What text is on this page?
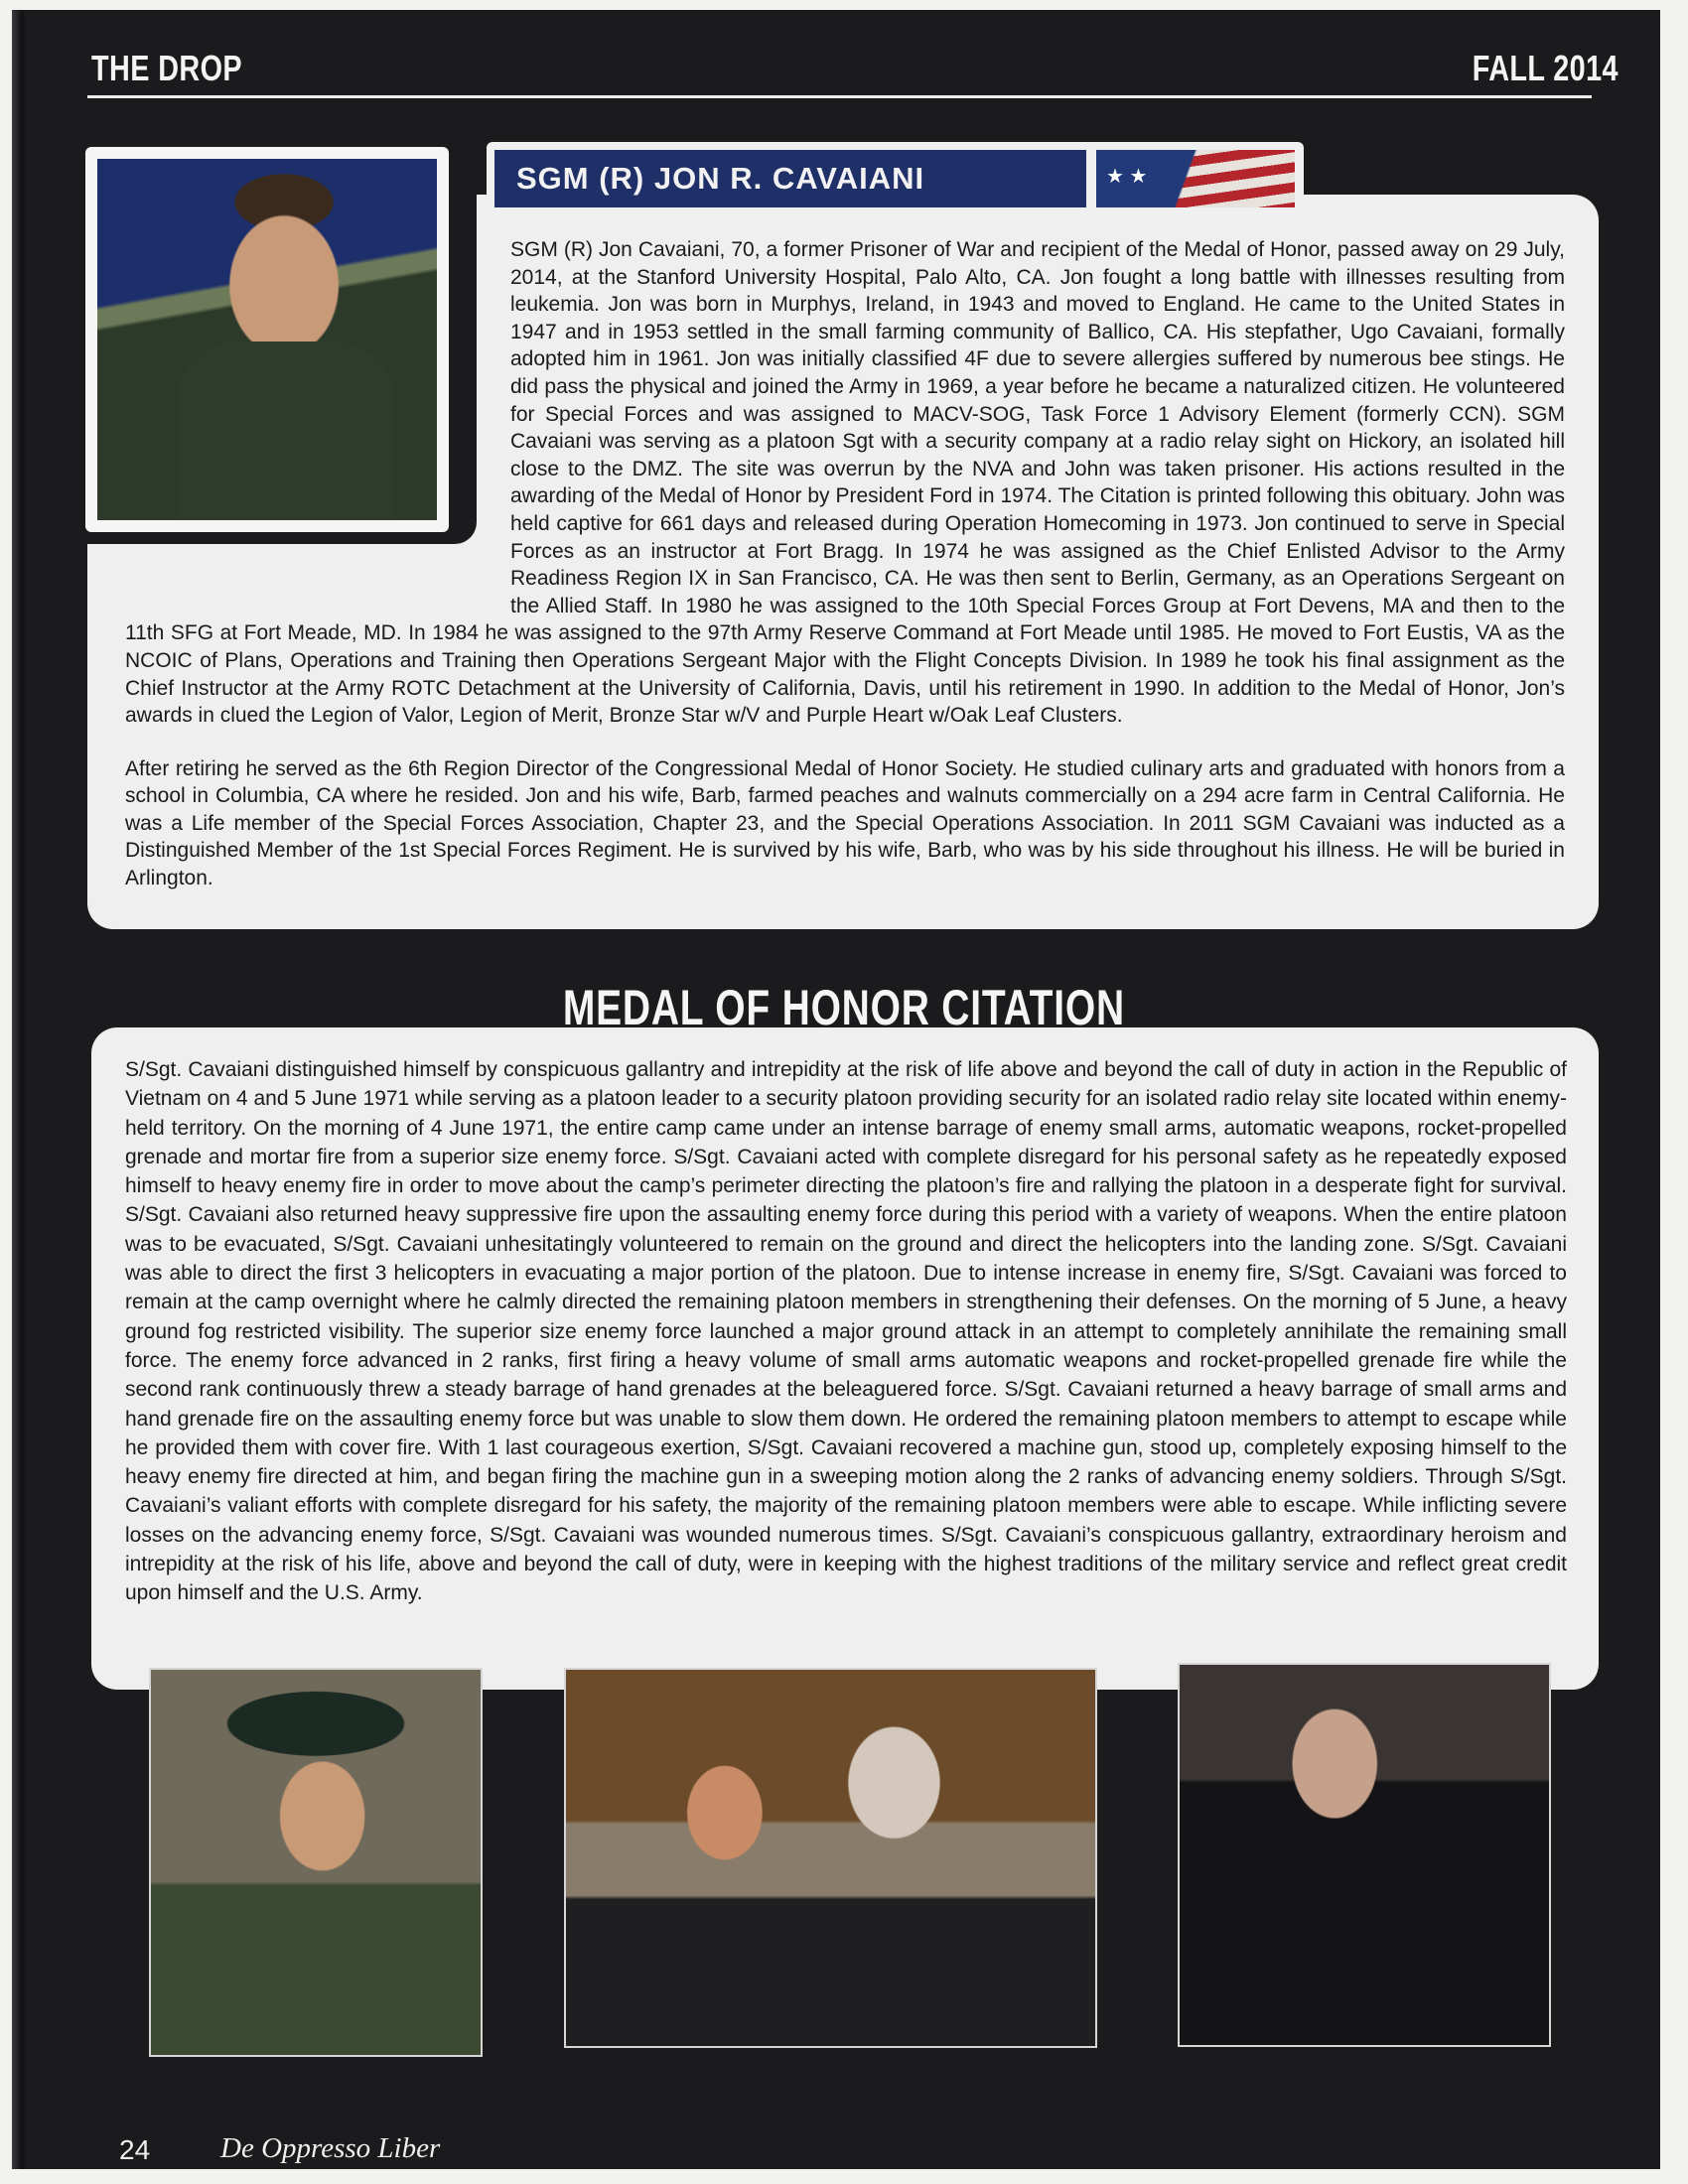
THE DROP	FALL 2014

SGM (R) Jon Cavaiani, 70, a former Prisoner of War and recipient of the Medal of Honor, passed away on 29 July, 2014, at the Stanford University Hospital, Palo Alto, CA. Jon fought a long battle with illnesses resulting from leukemia. Jon was born in Murphys, Ireland, in 1943 and moved to England. He came to the United States in 1947 and in 1953 settled in the small farming community of Ballico, CA. His stepfather, Ugo Cavaiani, formally adopted him in 1961. Jon was initially classified 4F due to severe allergies suffered by numerous bee stings. He did pass the physical and joined the Army in 1969, a year before he became a naturalized citizen. He volunteered for Special Forces and was assigned to MACV-SOG, Task Force 1 Advisory Element (formerly CCN). SGM Cavaiani was serving as a platoon Sgt with a security company at a radio relay sight on Hickory, an isolated hill close to the DMZ. The site was overrun by the NVA and John was taken prisoner. His actions resulted in the awarding of the Medal of Honor by President Ford in 1974. The Citation is printed following this obituary. John was held captive for 661 days and released during Operation Homecoming in 1973. Jon continued to serve in Special Forces as an instructor at Fort Bragg. In 1974 he was assigned as the Chief Enlisted Advisor to the Army Readiness Region IX in San Francisco, CA. He was then sent to Berlin, Germany, as an Operations Sergeant on the Allied Staff. In 1980 he was assigned to the 10th Special Forces Group at Fort Devens, MA and then to the 11th SFG at Fort Meade, MD. In 1984 he was assigned to the 97th Army Reserve Command at Fort Meade until 1985. He moved to Fort Eustis, VA as the NCOIC of Plans, Operations and Training then Operations Sergeant Major with the Flight Concepts Division. In 1989 he took his final assignment as the Chief Instructor at the Army ROTC Detachment at the University of California, Davis, until his retirement in 1990. In addition to the Medal of Honor, Jon’s awards in clued the Legion of Valor, Legion of Merit, Bronze Star w/V and Purple Heart w/Oak Leaf Clusters.

After retiring he served as the 6th Region Director of the Congressional Medal of Honor Society. He studied culinary arts and graduated with honors from a school in Columbia, CA where he resided. Jon and his wife, Barb, farmed peaches and walnuts commercially on a 294 acre farm in Central California. He was a Life member of the Special Forces Association, Chapter 23, and the Special Operations Association. In 2011 SGM Cavaiani was inducted as a Distinguished Member of the 1st Special Forces Regiment. He is survived by his wife, Barb, who was by his side throughout his illness. He will be buried in Arlington.

SGM (R) JON R. CAVAIANI
★ ★

S/Sgt. Cavaiani distinguished himself by conspicuous gallantry and intrepidity at the risk of life above and beyond the call of duty in action in the Republic of Vietnam on 4 and 5 June 1971 while serving as a platoon leader to a security platoon providing security for an isolated radio relay site located within enemy-held territory. On the morning of 4 June 1971, the entire camp came under an intense barrage of enemy small arms, automatic weapons, rocket-propelled grenade and mortar fire from a superior size enemy force. S/Sgt. Cavaiani acted with complete disregard for his personal safety as he repeatedly exposed himself to heavy enemy fire in order to move about the camp’s perimeter directing the platoon’s fire and rallying the platoon in a desperate fight for survival. S/Sgt. Cavaiani also returned heavy suppressive fire upon the assaulting enemy force during this period with a variety of weapons. When the entire platoon was to be evacuated, S/Sgt. Cavaiani unhesitatingly volunteered to remain on the ground and direct the helicopters into the landing zone. S/Sgt. Cavaiani was able to direct the first 3 helicopters in evacuating a major portion of the platoon. Due to intense increase in enemy fire, S/Sgt. Cavaiani was forced to remain at the camp overnight where he calmly directed the remaining platoon members in strengthening their defenses. On the morning of 5 June, a heavy ground fog restricted visibility. The superior size enemy force launched a major ground attack in an attempt to completely annihilate the remaining small force. The enemy force advanced in 2 ranks, first firing a heavy volume of small arms automatic weapons and rocket-propelled grenade fire while the second rank continuously threw a steady barrage of hand grenades at the beleaguered force. S/Sgt. Cavaiani returned a heavy barrage of small arms and hand grenade fire on the assaulting enemy force but was unable to slow them down. He ordered the remaining platoon members to attempt to escape while he provided them with cover fire. With 1 last courageous exertion, S/Sgt. Cavaiani recovered a machine gun, stood up, completely exposing himself to the heavy enemy fire directed at him, and began firing the machine gun in a sweeping motion along the 2 ranks of advancing enemy soldiers. Through S/Sgt. Cavaiani’s valiant efforts with complete disregard for his safety, the majority of the remaining platoon members were able to escape. While inflicting severe losses on the advancing enemy force, S/Sgt. Cavaiani was wounded numerous times. S/Sgt. Cavaiani’s conspicuous gallantry, extraordinary heroism and intrepidity at the risk of his life, above and beyond the call of duty, were in keeping with the highest traditions of the military service and reflect great credit upon himself and the U.S. Army.

MEDAL OF HONOR CITATION
24 De Oppresso Liber
